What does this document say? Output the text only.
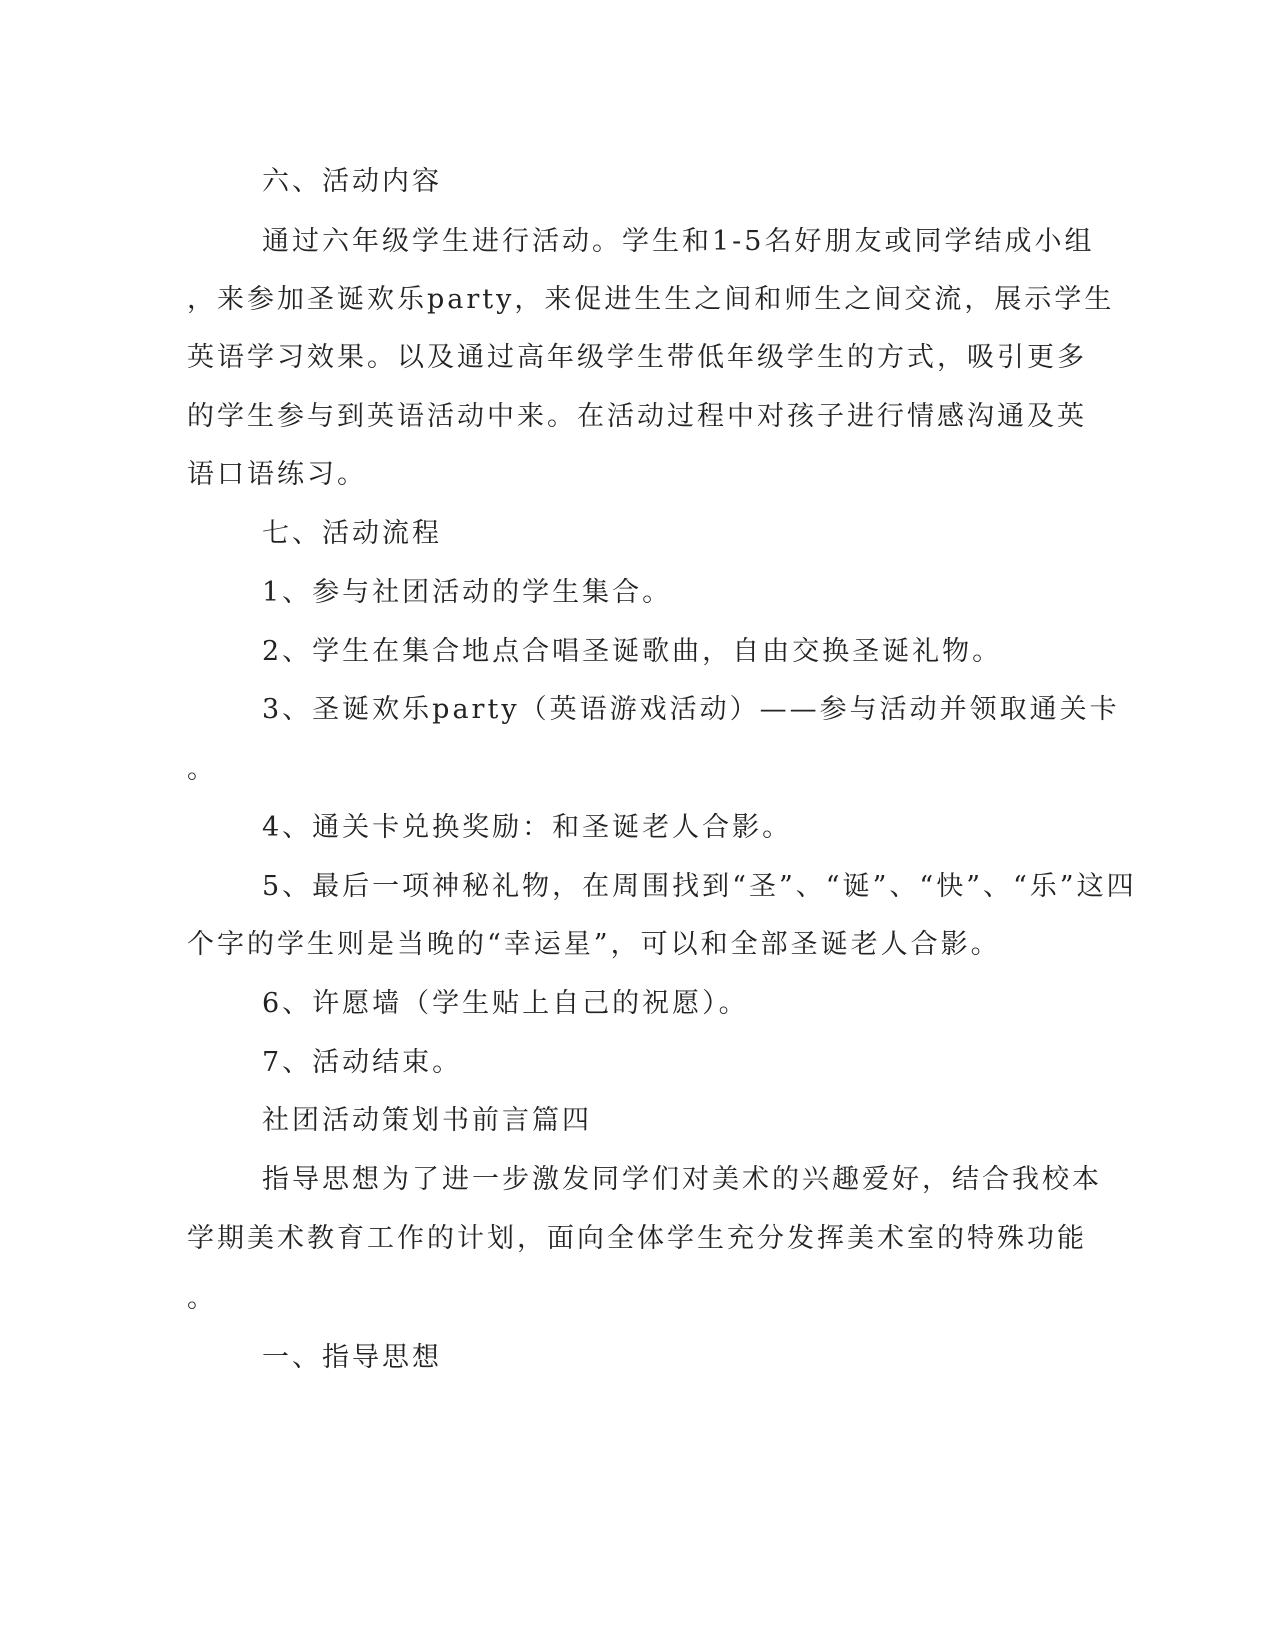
六、活动内容
通过六年级学生进行活动。学生和1-5名好朋友或同学结成小组
，来参加圣诞欢乐party，来促进生生之间和师生之间交流，展示学生
英语学习效果。以及通过高年级学生带低年级学生的方式，吸引更多
的学生参与到英语活动中来。在活动过程中对孩子进行情感沟通及英
语口语练习。
七、活动流程
1、参与社团活动的学生集合。
2、学生在集合地点合唱圣诞歌曲，自由交换圣诞礼物。
3、圣诞欢乐party（英语游戏活动）——参与活动并领取通关卡
。
4、通关卡兑换奖励：和圣诞老人合影。
5、最后一项神秘礼物，在周围找到“圣”、“诞”、“快”、“乐”这四
个字的学生则是当晚的“幸运星”，可以和全部圣诞老人合影。
6、许愿墙（学生贴上自己的祝愿）。
7、活动结束。
社团活动策划书前言篇四
指导思想为了进一步激发同学们对美术的兴趣爱好，结合我校本
学期美术教育工作的计划，面向全体学生充分发挥美术室的特殊功能
。
一、指导思想
